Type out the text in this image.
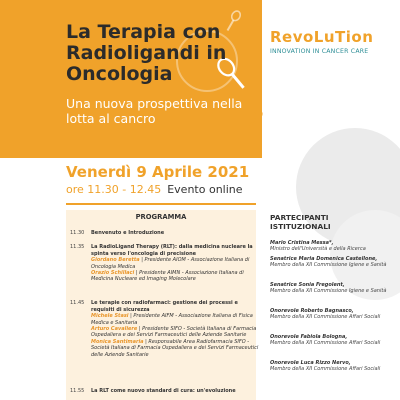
La Terapia con Radioligandi in Oncologia
Una nuova prospettiva nella lotta al cancro
RevoLuTion
INNOVATION IN CANCER CARE
Venerdì 9 Aprile 2021
ore 11.30 - 12.45 Evento online
PROGRAMMA
11.30	Benvenuto e Introduzione
11.35	La RadioLigand Therapy (RLT): dalla medicina nucleare la spinta verso l'oncologia di precisione
Giordano Beretta | Presidente AIOM - Associazione Italiana di Oncologia Medica
Orazio Schillaci | Presidente AIMN - Associazione Italiana di Medicina Nucleare ed Imaging Molecolare
11.45	Le terapie con radiofarmaci: gestione dei processi e requisiti di sicurezza
Michele Stasi | Presidente AIFM - Associazione Italiana di Fisica Medica e Sanitaria
Arturo Cavaliere | Presidente SIFO - Società Italiana di Farmacia Ospedaliera e dei Servizi Farmaceutici delle Aziende Sanitarie
Monica Santimaria | Responsabile Area Radiofarmacia SIFO - Società Italiana di Farmacia Ospedaliera e dei Servizi Farmaceutici delle Aziende Sanitarie
11.55	La RLT come nuovo standard di cura: un'evoluzione
PARTECIPANTI ISTITUZIONALI
Mario Cristina Messa*,
Ministro dell'Università e della Ricerca
Senatrice Maria Domenica Castellone,
Membro della XII Commissione Igiene e Sanità
Senatrice Sonia Fregolent,
Membro della XII Commissione Igiene e Sanità
Onorevole Roberto Bagnasco,
Membro della XII Commissione Affari Sociali
Onorevole Fabiola Bologna,
Membro della XII Commissione Affari Sociali
Onorevole Luca Rizzo Nervo,
Membro della XII Commissione Affari Sociali
